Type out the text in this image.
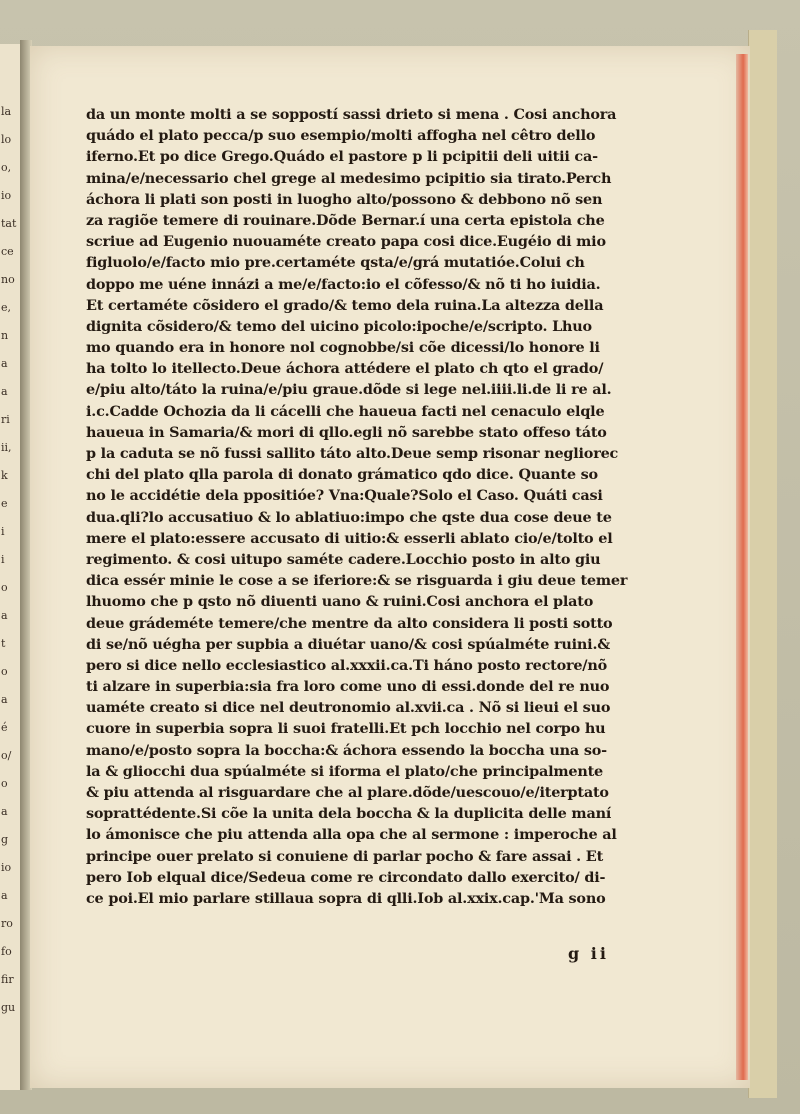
la
lo
o,
io
tat
ce
no
e,
n
a
a
ri
ii,
k
e
i
i
o
a
t
o
a
é
o/
o
a
g
io
a
ro
fo
fir
gu
da un monte molti a se soppostí sassi drieto si mena . Cosi anchora
quádo el plato pecca/p suo esempio/molti affogha nel cêtro dello
iferno.Et po dice Grego.Quádo el pastore p li pcipitii deli uitii ca-
mina/e/necessario chel grege al medesimo pcipitio sia tirato.Perch
áchora li plati son posti in luogho alto/possono & debbono nõ sen
za ragiõe temere di rouinare.Dõde Bernar.í una certa epistola che
scriue ad Eugenio nuouaméte creato papa cosi dice.Eugéio di mio
figluolo/e/facto mio pre.certaméte qsta/e/grá mutatióe.Colui ch
doppo me uéne innázi a me/e/facto:io el cõfesso/& nõ ti ho iuidia.
Et certaméte cõsidero el grado/& temo dela ruina.La altezza della
dignita cõsidero/& temo del uicino picolo:ipoche/e/scripto. Lhuo
mo quando era in honore nol cognobbe/si cõe dicessi/lo honore li
ha tolto lo itellecto.Deue áchora attédere el plato ch qto el grado/
e/piu alto/táto la ruina/e/piu graue.dõde si lege nel.iiii.li.de li re al.
i.c.Cadde Ochozia da li cácelli che haueua facti nel cenaculo elqle
haueua in Samaria/& mori di qllo.egli nõ sarebbe stato offeso táto
p la caduta se nõ fussi sallito táto alto.Deue semp risonar negliorec
chi del plato qlla parola di donato grámatico qdo dice. Quante so
no le accidétie dela ppositióe? Vna:Quale?Solo el Caso. Quáti casi
dua.qli?lo accusatiuo & lo ablatiuo:impo che qste dua cose deue te
mere el plato:essere accusato di uitio:& esserli ablato cio/e/tolto el
regimento. & cosi uitupo saméte cadere.Locchio posto in alto giu
dica essér minie le cose a se iferiore:& se risguarda i giu deue temer
lhuomo che p qsto nõ diuenti uano & ruini.Cosi anchora el plato
deue grádeméte temere/che mentre da alto considera li posti sotto
di se/nõ uégha per supbia a diuétar uano/& cosi spúalméte ruini.&
pero si dice nello ecclesiastico al.xxxii.ca.Ti háno posto rectore/nõ
ti alzare in superbia:sia fra loro come uno di essi.donde del re nuo
uaméte creato si dice nel deutronomio al.xvii.ca . Nõ si lieui el suo
cuore in superbia sopra li suoi fratelli.Et pch locchio nel corpo hu
mano/e/posto sopra la boccha:& áchora essendo la boccha una so-
la & gliocchi dua spúalméte si iforma el plato/che principalmente
& piu attenda al risguardare che al plare.dõde/uescouo/e/iterptato
soprattédente.Si cõe la unita dela boccha & la duplicita delle maní
lo ámonisce che piu attenda alla opa che al sermone : imperoche al
principe ouer prelato si conuiene di parlar pocho & fare assai . Et
pero Iob elqual dice/Sedeua come re circondato dallo exercito/ di-
ce poi.El mio parlare stillaua sopra di qlli.Iob al.xxix.cap.'Ma sono
g ii
